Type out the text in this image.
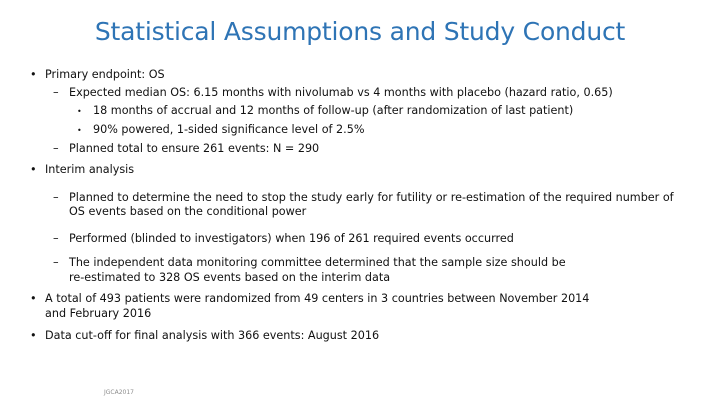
Statistical Assumptions and Study Conduct
• Primary endpoint: OS
– Expected median OS: 6.15 months with nivolumab vs 4 months with placebo (hazard ratio, 0.65)
• 18 months of accrual and 12 months of follow-up (after randomization of last patient)
• 90% powered, 1-sided significance level of 2.5%
– Planned total to ensure 261 events: N = 290
• Interim analysis
– Planned to determine the need to stop the study early for futility or re-estimation of the required number of
OS events based on the conditional power
– Performed (blinded to investigators) when 196 of 261 required events occurred
– The independent data monitoring committee determined that the sample size should be
re-estimated to 328 OS events based on the interim data
• A total of 493 patients were randomized from 49 centers in 3 countries between November 2014
and February 2016
• Data cut-off for final analysis with 366 events: August 2016
JGCA2017
